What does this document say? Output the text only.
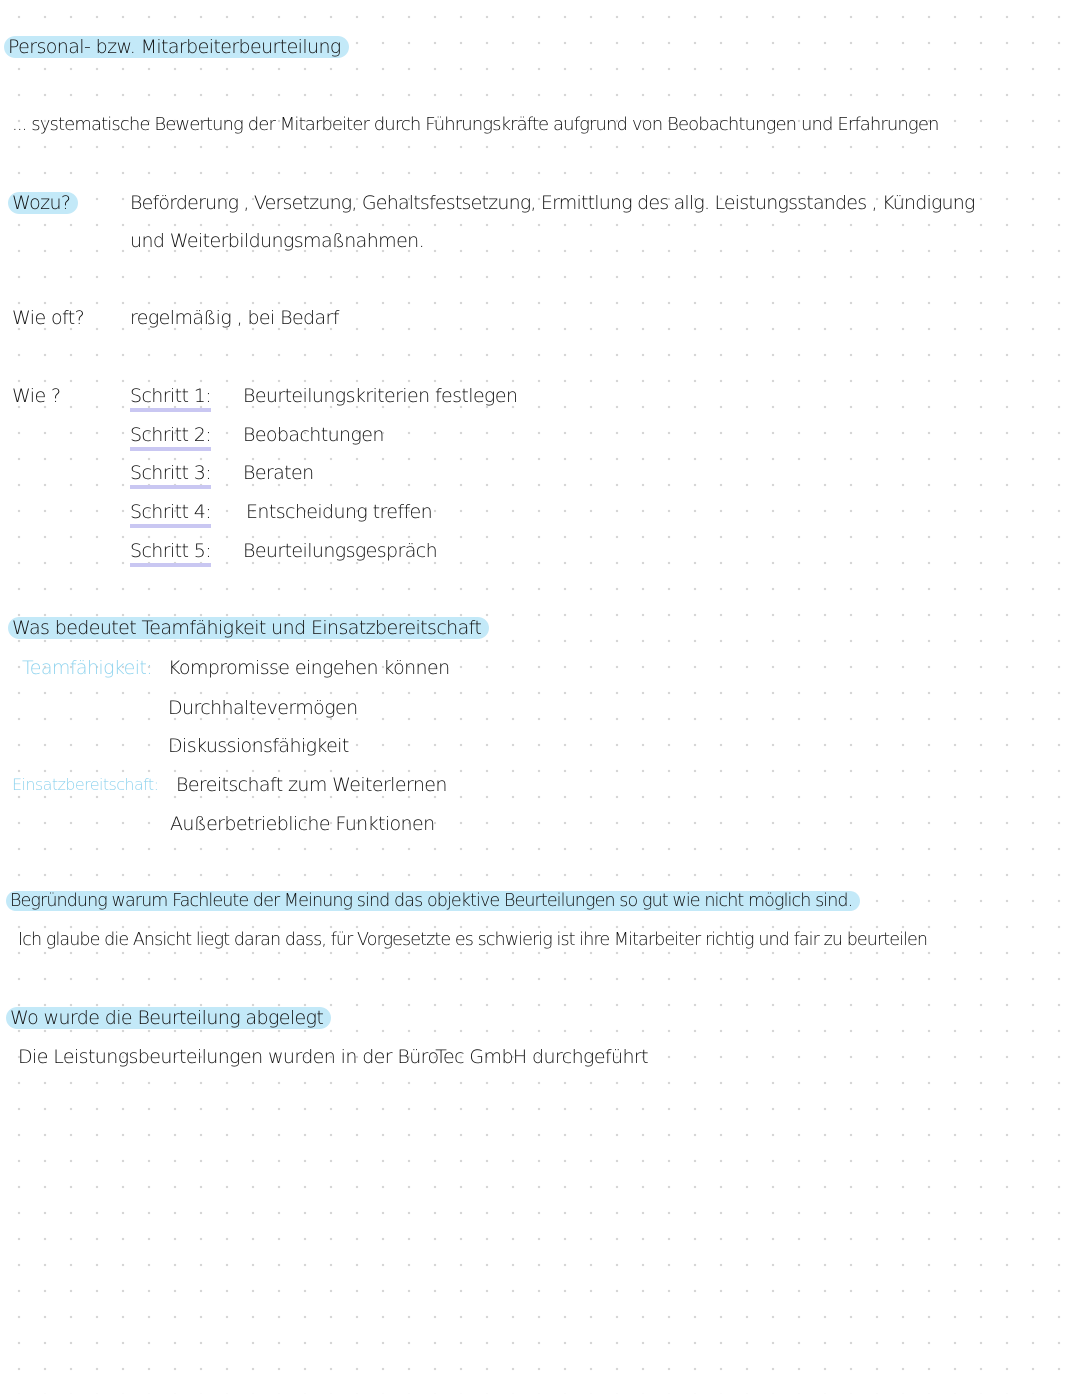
Personal- bzw. Mitarbeiterbeurteilung
... systematische Bewertung der Mitarbeiter durch Führungskräfte aufgrund von Beobachtungen und Erfahrungen
Wozu?	Beförderung , Versetzung, Gehaltsfestsetzung, Ermittlung des allg. Leistungsstandes , Kündigung
und Weiterbildungsmaßnahmen.
Wie oft? regelmäßig , bei Bedarf
Wie ?	Schritt 1: Beurteilungskriterien festlegen
Schritt 2: Beobachtungen
Schritt 3: Beraten
Schritt 4: Entscheidung treffen
Schritt 5: Beurteilungsgespräch
Was bedeutet Teamfähigkeit und Einsatzbereitschaft
Teamfähigkeit: Kompromisse eingehen können
Durchhaltevermögen
Diskussionsfähigkeit
Einsatzbereitschaft: Bereitschaft zum Weiterlernen
Außerbetriebliche Funktionen
Begründung warum Fachleute der Meinung sind das objektive Beurteilungen so gut wie nicht möglich sind.
Ich glaube die Ansicht liegt daran dass, für Vorgesetzte es schwierig ist ihre Mitarbeiter richtig und fair zu beurteilen
Wo wurde die Beurteilung abgelegt
Die Leistungsbeurteilungen wurden in der BüroTec GmbH durchgeführt
